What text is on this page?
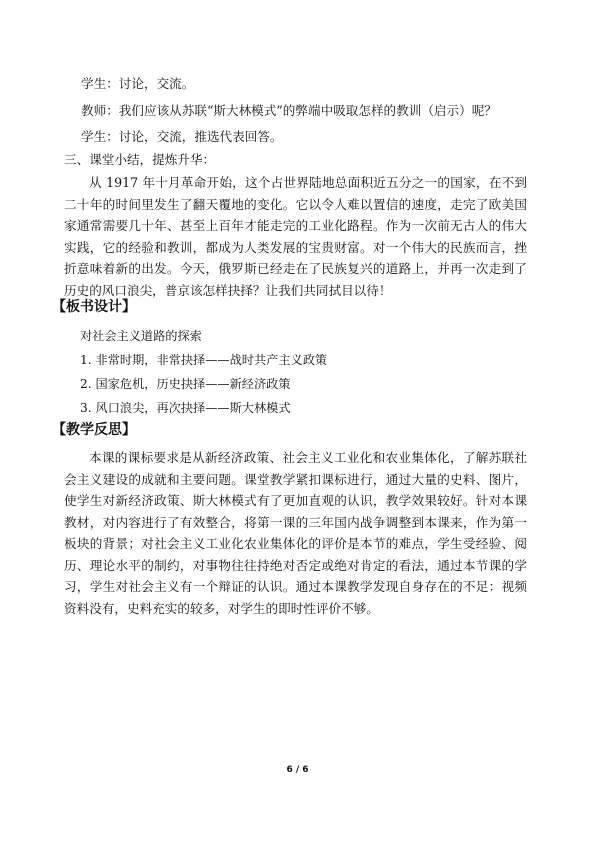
学生：讨论，交流。
教师：我们应该从苏联“斯大林模式”的弊端中吸取怎样的教训（启示）呢？
学生：讨论，交流，推选代表回答。
三、课堂小结，提炼升华：
从 1917 年十月革命开始，这个占世界陆地总面积近五分之一的国家，在不到二十年的时间里发生了翻天覆地的变化。它以令人难以置信的速度，走完了欧美国家通常需要几十年、甚至上百年才能走完的工业化路程。作为一次前无古人的伟大实践，它的经验和教训，都成为人类发展的宝贵财富。对一个伟大的民族而言，挫折意味着新的出发。今天，俄罗斯已经走在了民族复兴的道路上，并再一次走到了历史的风口浪尖，普京该怎样抉择？让我们共同拭目以待！
【板书设计】
对社会主义道路的探索
1. 非常时期，非常抉择——战时共产主义政策
2. 国家危机，历史抉择——新经济政策
3. 风口浪尖，再次抉择——斯大林模式
【教学反思】
本课的课标要求是从新经济政策、社会主义工业化和农业集体化，了解苏联社会主义建设的成就和主要问题。课堂教学紧扣课标进行，通过大量的史料、图片，使学生对新经济政策、斯大林模式有了更加直观的认识，教学效果较好。针对本课教材，对内容进行了有效整合，将第一课的三年国内战争调整到本课来，作为第一板块的背景；对社会主义工业化农业集体化的评价是本节的难点，学生受经验、阅历、理论水平的制约，对事物往往持绝对否定或绝对肯定的看法，通过本节课的学习，学生对社会主义有一个辩证的认识。通过本课教学发现自身存在的不足：视频资料没有，史料充实的较多，对学生的即时性评价不够。
6 / 6
